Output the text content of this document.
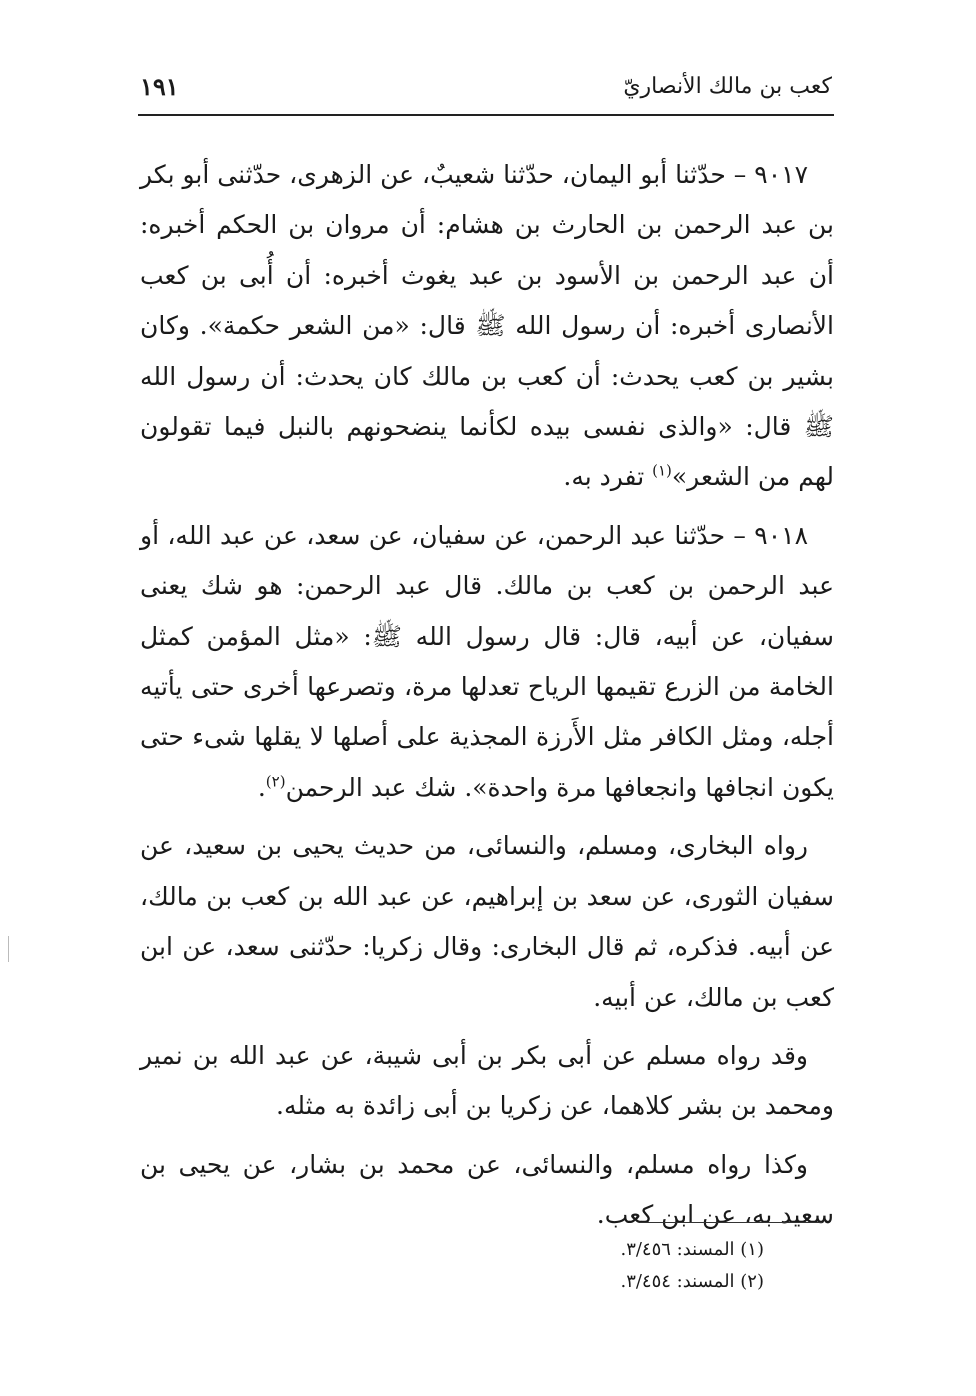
كعب بن مالك الأنصاريّ
١٩١

٩٠١٧ – حدّثنا أبو اليمان، حدّثنا شعيبٌ، عن الزهرى، حدّثنى أبو بكر بن عبد الرحمن بن الحارث بن هشام: أن مروان بن الحكم أخبره: أن عبد الرحمن بن الأسود بن عبد يغوث أخبره: أن أُبى بن كعب الأنصارى أخبره: أن رسول الله ﷺ قال: «من الشعر حكمة». وكان بشير بن كعب يحدث: أن كعب بن مالك كان يحدث: أن رسول الله ﷺ قال: «والذى نفسى بيده لكأنما ينضحونهم بالنبل فيما تقولون لهم من الشعر»$^{(١)}$ تفرد به.

٩٠١٨ – حدّثنا عبد الرحمن، عن سفيان، عن سعد، عن عبد الله، أو عبد الرحمن بن كعب بن مالك. قال عبد الرحمن: هو شك يعنى سفيان، عن أبيه، قال: قال رسول الله ﷺ: «مثل المؤمن كمثل الخامة من الزرع تقيمها الرياح تعدلها مرة، وتصرعها أخرى حتى يأتيه أجله، ومثل الكافر مثل الأَرزة المجذية على أصلها لا يقلها شىء حتى يكون انجافها وانجعافها مرة واحدة». شك عبد الرحمن$^{(٢)}$.

رواه البخارى، ومسلم، والنسائى، من حديث يحيى بن سعيد، عن سفيان الثورى، عن سعد بن إبراهيم، عن عبد الله بن كعب بن مالك، عن أبيه. فذكره، ثم قال البخارى: وقال زكريا: حدّثنى سعد، عن ابن كعب بن مالك، عن أبيه.

وقد رواه مسلم عن أبى بكر بن أبى شيبة، عن عبد الله بن نمير ومحمد بن بشر كلاهما، عن زكريا بن أبى زائدة به مثله.

وكذا رواه مسلم، والنسائى، عن محمد بن بشار، عن يحيى بن سعيد به، عن ابن كعب.

(١) المسند: ٣/٤٥٦.
(٢) المسند: ٣/٤٥٤.
